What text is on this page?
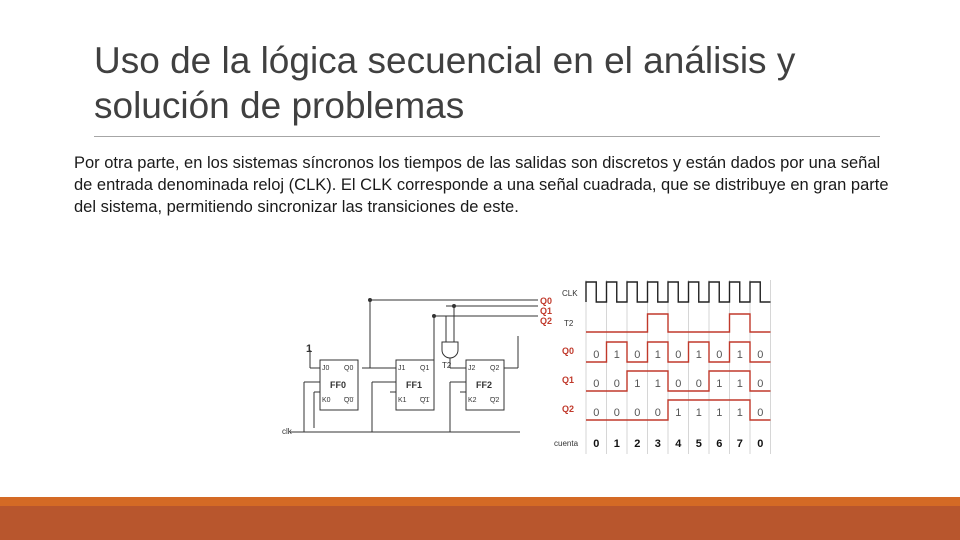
Uso de la lógica secuencial en el análisis y solución de problemas

Por otra parte, en los sistemas síncronos los tiempos de las salidas son discretos y están dados por una señal de entrada denominada reloj (CLK). El CLK corresponde a una señal cuadrada, que se distribuye en gran parte del sistema, permitiendo sincronizar las transiciones de este.

1
clk
T2
J0 Q0
FF0
K0 Q0
J1 Q1
FF1
K1 Q1
J2 Q2
FF2
K2 Q2
Q0
Q1
Q2
CLK
T2
cuenta
Q0
Q1
Q2
0 1 0 1 0 1 0 1 0
0 0 1 1 0 0 1 1 0
0 0 0 0 1 1 1 1 0
0 1 2 3 4 5 6 7 0
